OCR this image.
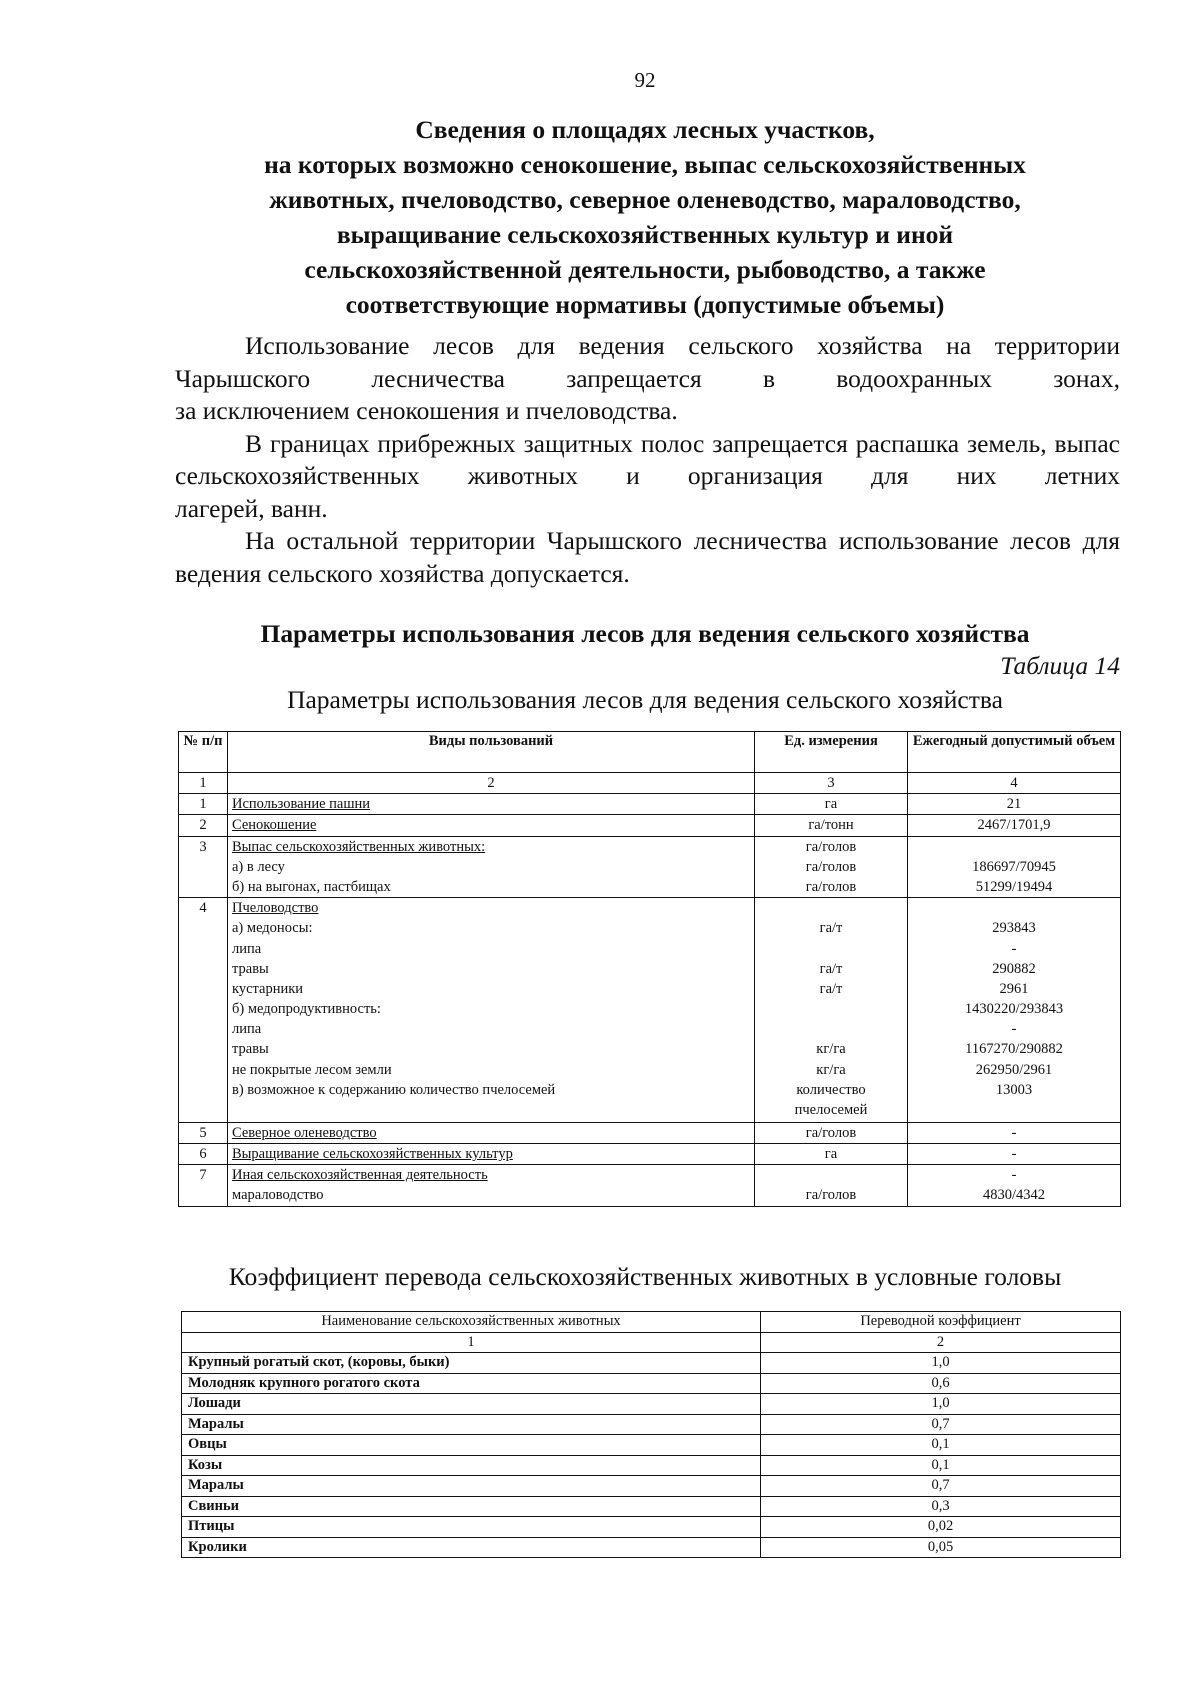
92
Сведения о площадях лесных участков,
на которых возможно сенокошение, выпас сельскохозяйственных
животных, пчеловодство, северное оленеводство, мараловодство,
выращивание сельскохозяйственных культур и иной
сельскохозяйственной деятельности, рыбоводство, а также
соответствующие нормативы (допустимые объемы)

Использование лесов для ведения сельского хозяйства на территории Чарышского лесничества запрещается в водоохранных зонах,

за исключением сенокошения и пчеловодства.

В границах прибрежных защитных полос запрещается распашка земель, выпас сельскохозяйственных животных и организация для них летних

лагерей, ванн.

На остальной территории Чарышского лесничества использование лесов для ведения сельского хозяйства допускается.

Параметры использования лесов для ведения сельского хозяйства
Таблица 14
Параметры использования лесов для ведения сельского хозяйства
№ п/п	Виды пользований	Ед. измерения	Ежегодный допустимый объем
1	2	3	4
1	Использование пашни	га	21
2	Сенокошение	га/тонн	2467/1701,9
3	Выпас сельскохозяйственных животных:	га/голов	
	а) в лесу	га/голов	186697/70945
	б) на выгонах, пастбищах	га/голов	51299/19494
4	Пчеловодство		
	а) медоносы:	га/т	293843
	липа		-
	травы	га/т	290882
	кустарники	га/т	2961
	б) медопродуктивность:		1430220/293843
	липа		-
	травы	кг/га	1167270/290882
	не покрытые лесом земли	кг/га	262950/2961
	в) возможное к содержанию количество пчелосемей	количество пчелосемей	13003
5	Северное оленеводство	га/голов	-
6	Выращивание сельскохозяйственных культур	га	-
7	Иная сельскохозяйственная деятельность		-
	мараловодство	га/голов	4830/4342
Коэффициент перевода сельскохозяйственных животных в условные головы
Наименование сельскохозяйственных животных	Переводной коэффициент
1	2
Крупный рогатый скот, (коровы, быки)	1,0
Молодняк крупного рогатого скота	0,6
Лошади	1,0
Маралы	0,7
Овцы	0,1
Козы	0,1
Маралы	0,7
Свиньи	0,3
Птицы	0,02
Кролики	0,05
